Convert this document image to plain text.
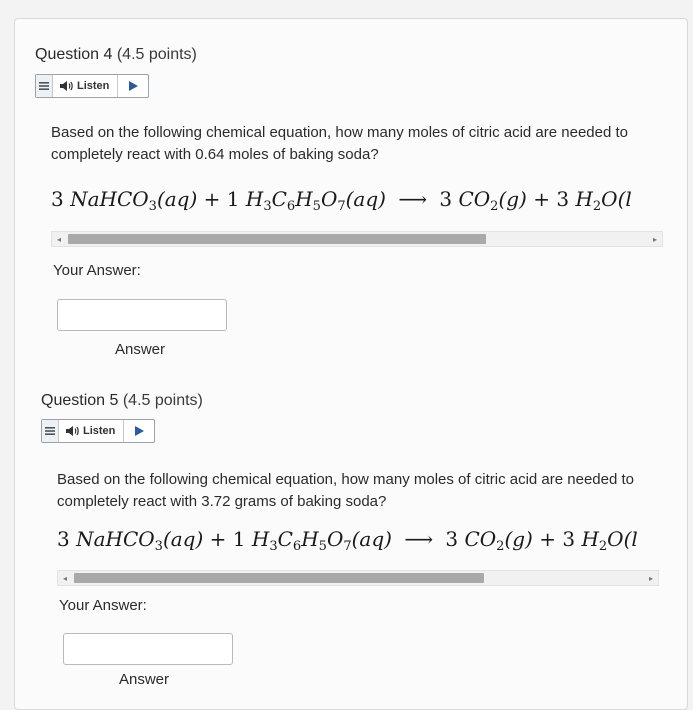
Question 4 (4.5 points)
Listen
Based on the following chemical equation, how many moles of citric acid are needed to completely react with 0.64 moles of baking soda?
3 NaHCO$_3$(aq) + 1 $H_3C_6H_5O_7(aq)$ ⟶ 3 $CO_2(g) + 3$ $H_2O(l$
◂	▸
Your Answer:
Answer
Question 5 (4.5 points)
Listen
Based on the following chemical equation, how many moles of citric acid are needed to completely react with 3.72 grams of baking soda?
3 NaHCO$_3$(aq) + 1 $H_3C_6H_5O_7(aq)$ ⟶ 3 $CO_2(g) + 3$ $H_2O(l$
◂	▸
Your Answer:
Answer
